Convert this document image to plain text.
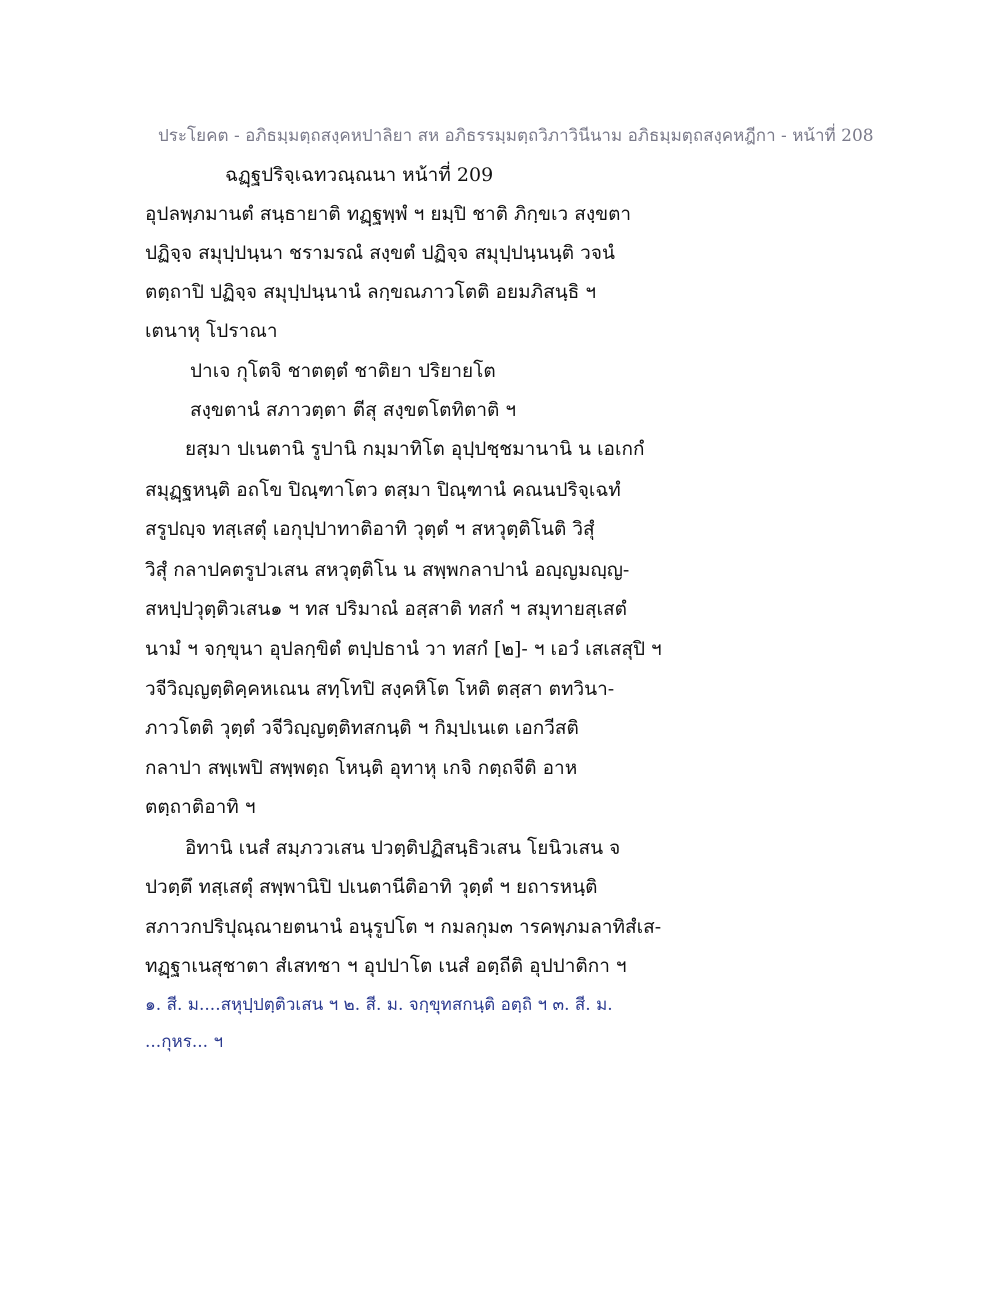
ประโยคต - อภิธมฺมตฺถสงฺคหปาลิยา สห อภิธรรมฺมตฺถวิภาวินีนาม อภิธมฺมตฺถสงฺคหฎีกา - หน้าที่ 208
ฉฏฺฐปริจฺเฉทวณฺณนา หน้าที่ 209
อุปลพฺภมานตํ สนฺธายาติ ทฏฺฐพฺพํ ฯ ยมฺปิ ชาติ ภิกฺขเว สงฺขตา
ปฏิจฺจ สมุปฺปนฺนา ชรามรณํ สงฺขตํ ปฏิจฺจ สมุปฺปนฺนนฺติ วจนํ
ตตฺถาปิ ปฏิจฺจ สมุปฺปนฺนานํ ลกฺขณภาวโตติ อยมภิสนฺธิ ฯ
เตนาหุ โปราณา
ปาเจ กุโตจิ ชาตตฺตํ ชาติยา ปริยายโต
สงฺขตานํ สภาวตฺตา ตีสุ สงฺขตโตทิตาติ ฯ
ยสฺมา ปเนตานิ รูปานิ กมฺมาทิโต อุปฺปชฺชมานานิ น เอเกกํ
สมุฏฺฐหนฺติ อถโข ปิณฺฑาโตว ตสฺมา ปิณฺฑานํ คณนปริจฺเฉทํ
สรูปญฺจ ทสฺเสตุํ เอกุปฺปาทาติอาทิ วุตฺตํ ฯ สหวุตฺติโนติ วิสุํ
วิสุํ กลาปคตรูปวเสน สหวุตฺติโน น สพฺพกลาปานํ อญฺญมญฺญ-
สหปฺปวุตฺติวเสน๑ ฯ ทส ปริมาณํ อสฺสาติ ทสกํ ฯ สมุทายสฺเสตํ
นามํ ฯ จกฺขุนา อุปลกฺขิตํ ตปฺปธานํ วา ทสกํ [๒]- ฯ เอวํ เสเสสุปิ ฯ
วจีวิญฺญตฺติคฺคหเณน สทฺโทปิ สงฺคหิโต โหติ ตสฺสา ตทวินา-
ภาวโตติ วุตฺตํ วจีวิญฺญตฺติทสกนฺติ ฯ กิมฺปเนเต เอกวีสติ
กลาปา สพฺเพปิ สพฺพตฺถ โหนฺติ อุทาหุ เกจิ กตฺถจีติ อาห
ตตฺถาติอาทิ ฯ
อิทานิ เนสํ สมฺภววเสน ปวตฺติปฏิสนฺธิวเสน โยนิวเสน จ
ปวตฺตึ ทสฺเสตุํ สพฺพานิปิ ปเนตานีติอาทิ วุตฺตํ ฯ ยถารหนฺติ
สภาวกปริปุณฺณายตนานํ อนุรูปโต ฯ กมลกุม๓ ารคพฺภมลาทิสํเส-
ทฏฺฐาเนสุชาตา สํเสทชา ฯ อุปปาโต เนสํ อตฺถีติ อุปปาติกา ฯ
๑. สี. ม....สหุปฺปตฺติวเสน ฯ ๒. สี. ม. จกฺขุทสกนฺติ อตฺถิ ฯ ๓. สี. ม.
...กุหร... ฯ
